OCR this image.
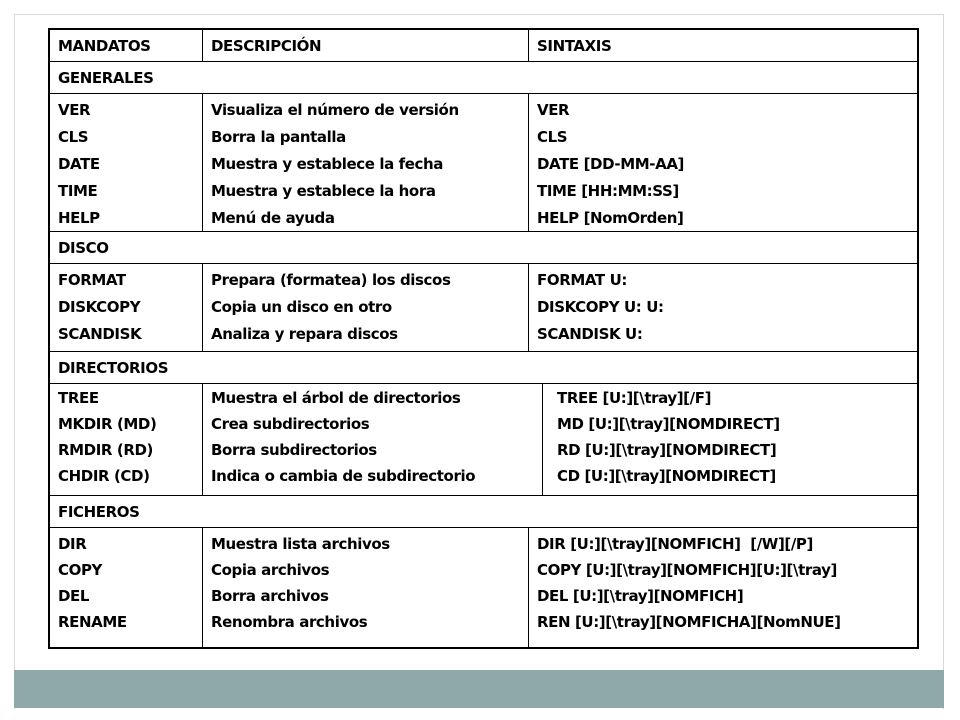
MANDATOS	DESCRIPCIÓN	SINTAXIS
GENERALES
VER
CLS
DATE
TIME
HELP
Visualiza el número de versión
Borra la pantalla
Muestra y establece la fecha
Muestra y establece la hora
Menú de ayuda
VER
CLS
DATE [DD-MM-AA]
TIME [HH:MM:SS]
HELP [NomOrden]
DISCO
FORMAT
DISKCOPY
SCANDISK
Prepara (formatea) los discos
Copia un disco en otro
Analiza y repara discos
FORMAT U:
DISKCOPY U: U:
SCANDISK U:
DIRECTORIOS
TREE
MKDIR (MD)
RMDIR (RD)
CHDIR (CD)
Muestra el árbol de directorios
Crea subdirectorios
Borra subdirectorios
Indica o cambia de subdirectorio
TREE [U:][\tray][/F]
MD [U:][\tray][NOMDIRECT]
RD [U:][\tray][NOMDIRECT]
CD [U:][\tray][NOMDIRECT]
FICHEROS
DIR
COPY
DEL
RENAME
Muestra lista archivos
Copia archivos
Borra archivos
Renombra archivos
DIR [U:][\tray][NOMFICH]  [/W][/P]
COPY [U:][\tray][NOMFICH][U:][\tray]
DEL [U:][\tray][NOMFICH]
REN [U:][\tray][NOMFICHA][NomNUE]
